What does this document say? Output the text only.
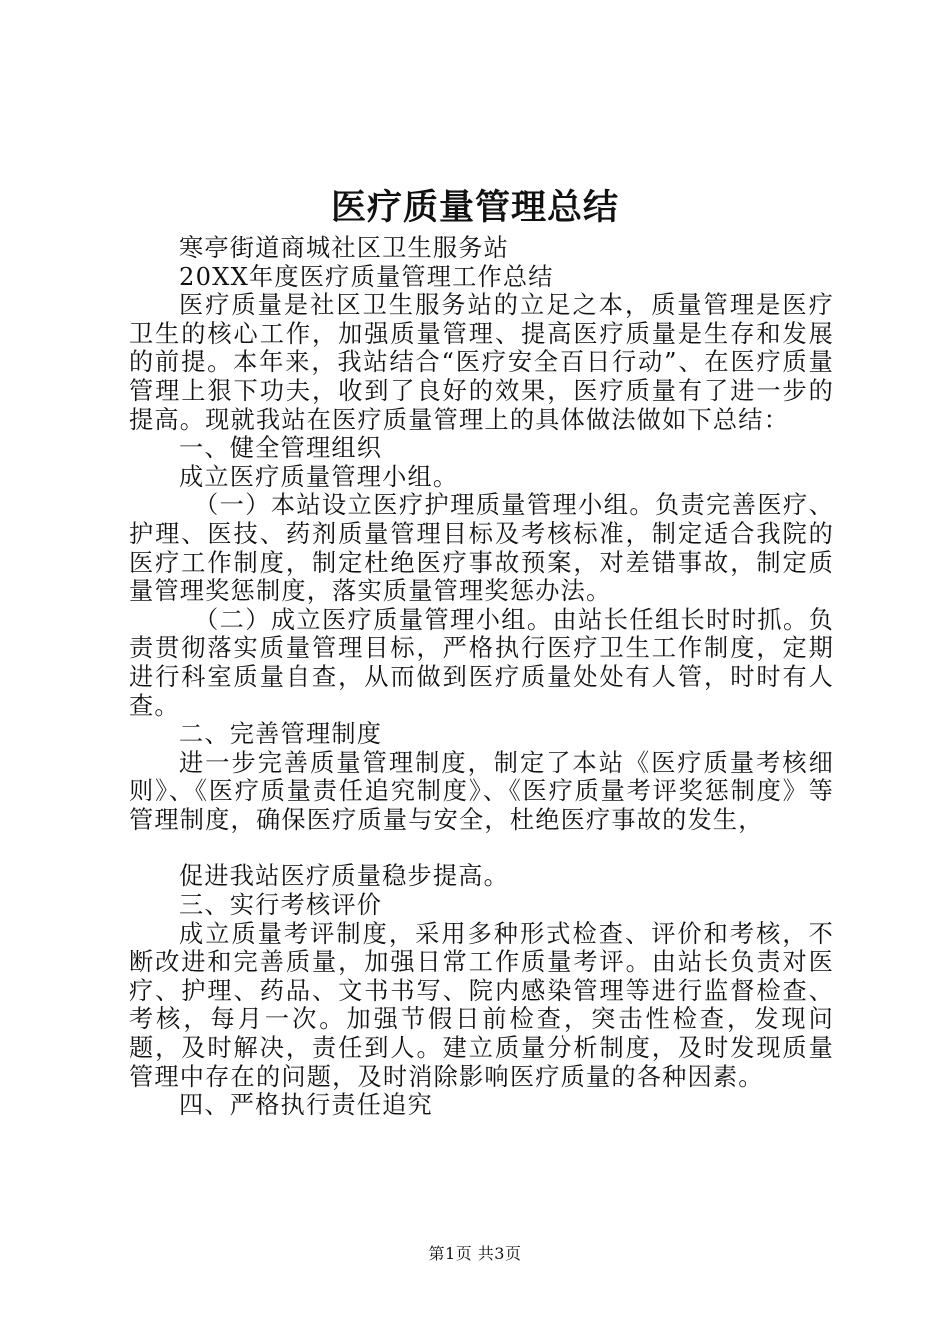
医疗质量管理总结

寒亭街道商城社区卫生服务站

20XX年度医疗质量管理工作总结

医疗质量是社区卫生服务站的立足之本，质量管理是医疗卫生的核心工作，加强质量管理、提高医疗质量是生存和发展的前提。本年来，我站结合“医疗安全百日行动”、在医疗质量管理上狠下功夫，收到了良好的效果，医疗质量有了进一步的提高。现就我站在医疗质量管理上的具体做法做如下总结：

一、健全管理组织

成立医疗质量管理小组。

（一）本站设立医疗护理质量管理小组。负责完善医疗、护理、医技、药剂质量管理目标及考核标准，制定适合我院的医疗工作制度，制定杜绝医疗事故预案，对差错事故，制定质量管理奖惩制度，落实质量管理奖惩办法。

（二）成立医疗质量管理小组。由站长任组长时时抓。负责贯彻落实质量管理目标，严格执行医疗卫生工作制度，定期进行科室质量自查，从而做到医疗质量处处有人管，时时有人查。

二、完善管理制度

进一步完善质量管理制度，制定了本站《医疗质量考核细则》、《医疗质量责任追究制度》、《医疗质量考评奖惩制度》等管理制度，确保医疗质量与安全，杜绝医疗事故的发生，

促进我站医疗质量稳步提高。

三、实行考核评价

成立质量考评制度，采用多种形式检查、评价和考核，不断改进和完善质量，加强日常工作质量考评。由站长负责对医疗、护理、药品、文书书写、院内感染管理等进行监督检查、考核，每月一次。加强节假日前检查，突击性检查，发现问题，及时解决，责任到人。建立质量分析制度，及时发现质量管理中存在的问题，及时消除影响医疗质量的各种因素。

四、严格执行责任追究

第1页 共3页
